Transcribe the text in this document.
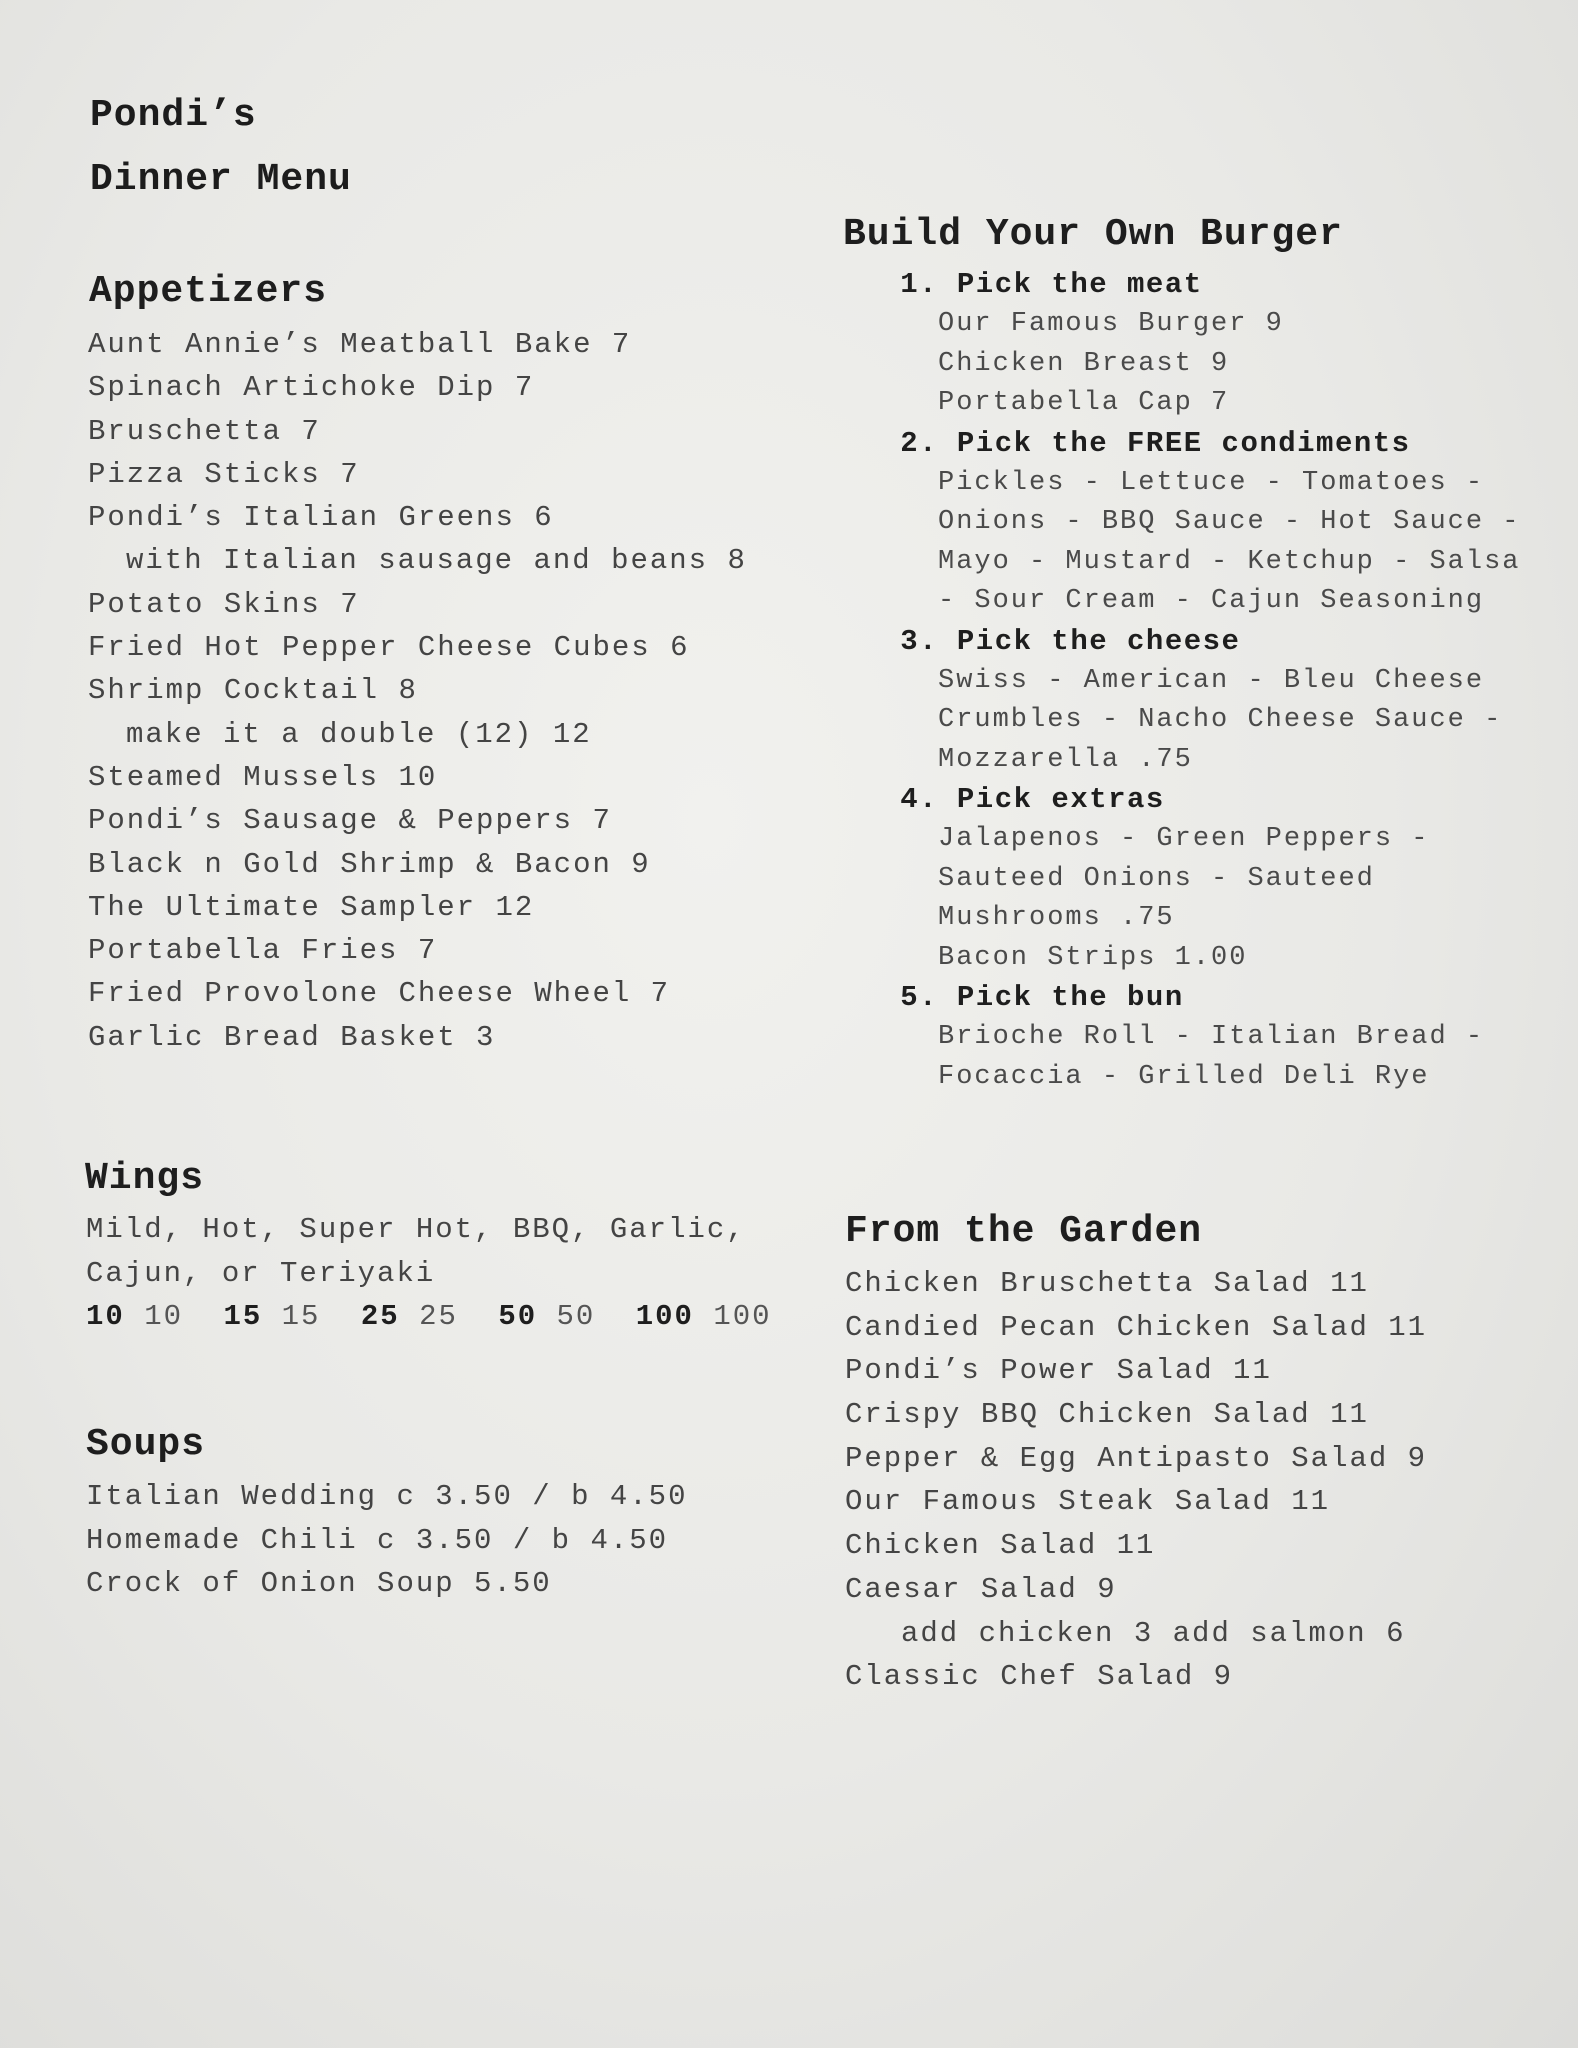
Pondi’s
Dinner Menu
Appetizers
Aunt Annie’s Meatball Bake 7
Spinach Artichoke Dip 7
Bruschetta 7
Pizza Sticks 7
Pondi’s Italian Greens 6
with Italian sausage and beans 8
Potato Skins 7
Fried Hot Pepper Cheese Cubes 6
Shrimp Cocktail 8
make it a double (12) 12
Steamed Mussels 10
Pondi’s Sausage & Peppers 7
Black n Gold Shrimp & Bacon 9
The Ultimate Sampler 12
Portabella Fries 7
Fried Provolone Cheese Wheel 7
Garlic Bread Basket 3
Wings
Mild, Hot, Super Hot, BBQ, Garlic,
Cajun, or Teriyaki
10 10 15 15 25 25 50 50 100 100
Soups
Italian Wedding c 3.50 / b 4.50
Homemade Chili c 3.50 / b 4.50
Crock of Onion Soup 5.50
Build Your Own Burger
1. Pick the meat
Our Famous Burger 9
Chicken Breast 9
Portabella Cap 7
2. Pick the FREE condiments
Pickles - Lettuce - Tomatoes -
Onions - BBQ Sauce - Hot Sauce -
Mayo - Mustard - Ketchup - Salsa
- Sour Cream - Cajun Seasoning
3. Pick the cheese
Swiss - American - Bleu Cheese
Crumbles - Nacho Cheese Sauce -
Mozzarella .75
4. Pick extras
Jalapenos - Green Peppers -
Sauteed Onions - Sauteed
Mushrooms .75
Bacon Strips 1.00
5. Pick the bun
Brioche Roll - Italian Bread -
Focaccia - Grilled Deli Rye
From the Garden
Chicken Bruschetta Salad 11
Candied Pecan Chicken Salad 11
Pondi’s Power Salad 11
Crispy BBQ Chicken Salad 11
Pepper & Egg Antipasto Salad 9
Our Famous Steak Salad 11
Chicken Salad 11
Caesar Salad 9
add chicken 3 add salmon 6
Classic Chef Salad 9
